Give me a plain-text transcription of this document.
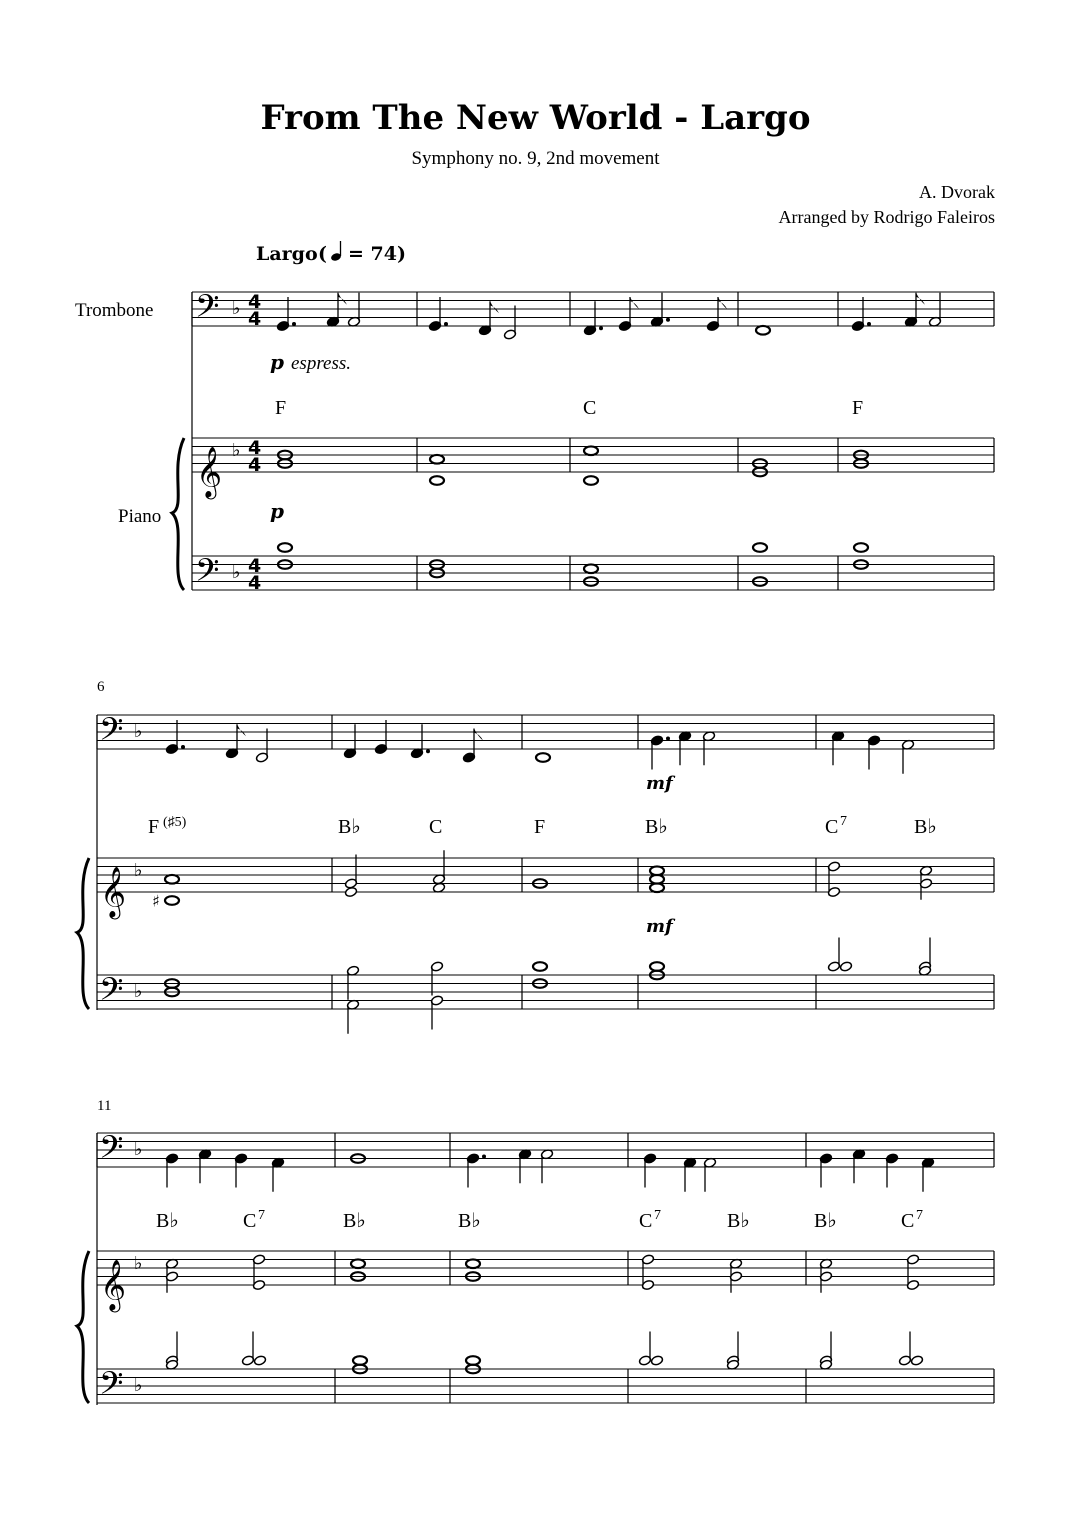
From The New World - Largo
Symphony no. 9, 2nd movement
A. Dvorak
Arranged by Rodrigo Faleiros
Largo ( = 74 )
Trombone
Piano
6
11
p espress.
p
mf
mf
F	C	F
F (♯5)	B♭	C	F	B♭	C 7	B♭
B♭	C 7	B♭	B♭	C 7	B♭	B♭	C 7
𝄢 ♭ 4
4
𝄞 ♭ 4
4
𝄢 ♭ 4
4
𝄢 ♭
𝄞 ♭
♯
𝄢 ♭
𝄢 ♭
𝄞 ♭
𝄢 ♭
